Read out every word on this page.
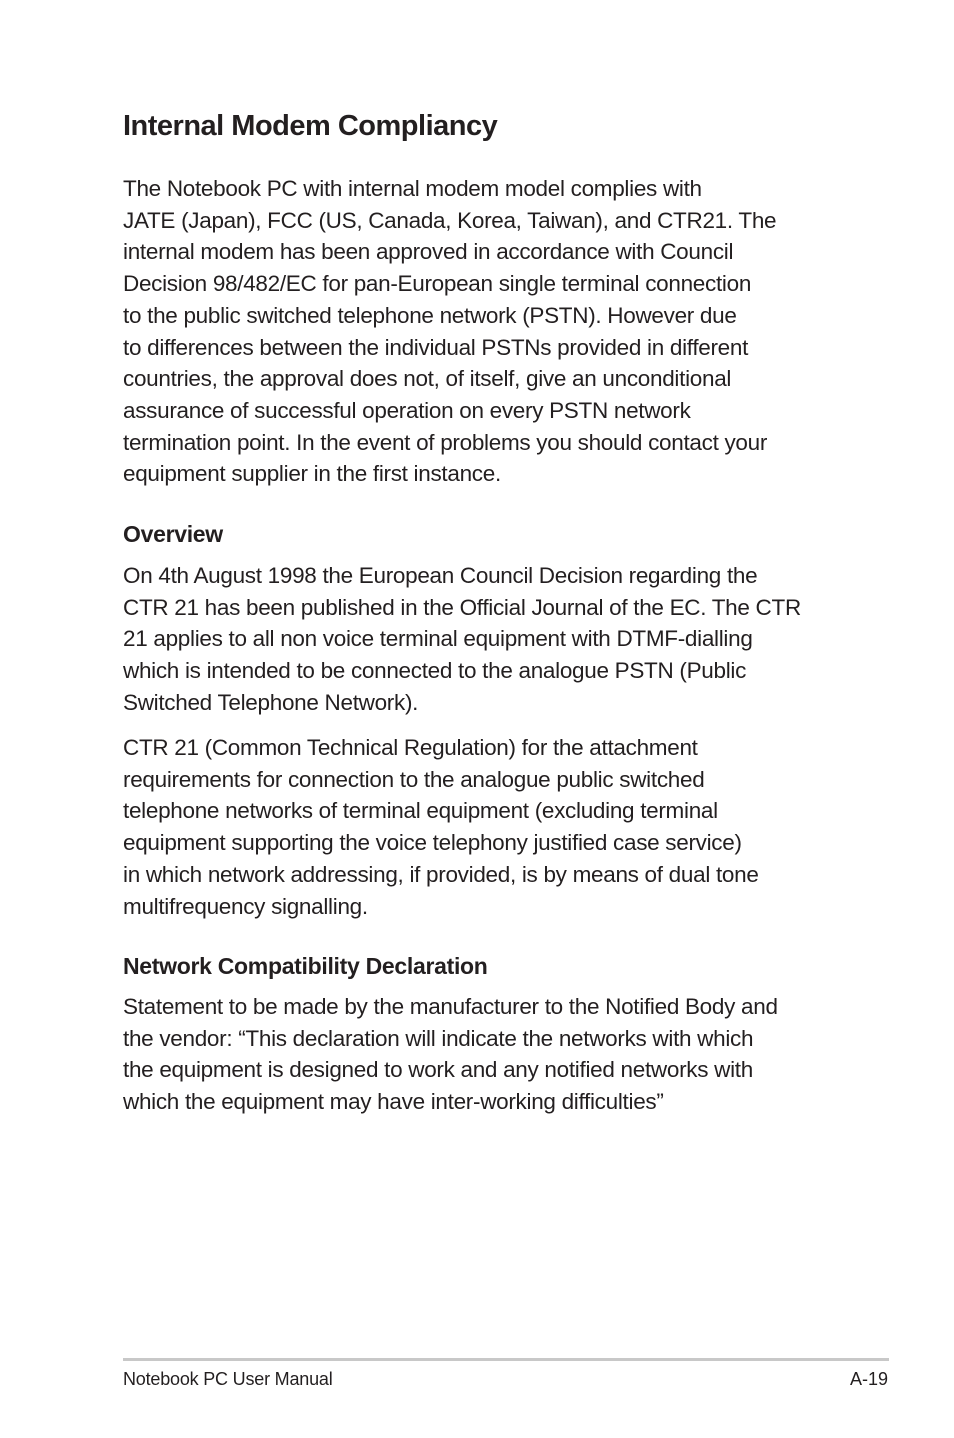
Internal Modem Compliancy

The Notebook PC with internal modem model complies with
JATE (Japan), FCC (US, Canada, Korea, Taiwan), and CTR21. The
internal modem has been approved in accordance with Council
Decision 98/482/EC for pan-European single terminal connection
to the public switched telephone network (PSTN). However due
to differences between the individual PSTNs provided in different
countries, the approval does not, of itself, give an unconditional
assurance of successful operation on every PSTN network
termination point. In the event of problems you should contact your
equipment supplier in the first instance.

Overview

On 4th August 1998 the European Council Decision regarding the
CTR 21 has been published in the Official Journal of the EC. The CTR
21 applies to all non voice terminal equipment with DTMF-dialling
which is intended to be connected to the analogue PSTN (Public
Switched Telephone Network).

CTR 21 (Common Technical Regulation) for the attachment
requirements for connection to the analogue public switched
telephone networks of terminal equipment (excluding terminal
equipment supporting the voice telephony justified case service)
in which network addressing, if provided, is by means of dual tone
multifrequency signalling.

Network Compatibility Declaration

Statement to be made by the manufacturer to the Notified Body and
the vendor: “This declaration will indicate the networks with which
the equipment is designed to work and any notified networks with
which the equipment may have inter-working difficulties”

Notebook PC User Manual	A-19
